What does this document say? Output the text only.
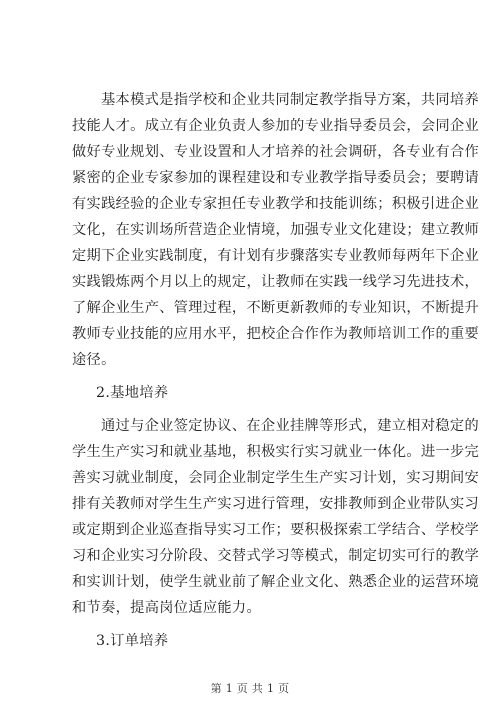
基本模式是指学校和企业共同制定教学指导方案，共同培养
技能人才。成立有企业负责人参加的专业指导委员会，会同企业
做好专业规划、专业设置和人才培养的社会调研，各专业有合作
紧密的企业专家参加的课程建设和专业教学指导委员会；要聘请
有实践经验的企业专家担任专业教学和技能训练；积极引进企业
文化，在实训场所营造企业情境，加强专业文化建设；建立教师
定期下企业实践制度，有计划有步骤落实专业教师每两年下企业
实践锻炼两个月以上的规定，让教师在实践一线学习先进技术，
了解企业生产、管理过程，不断更新教师的专业知识，不断提升
教师专业技能的应用水平，把校企合作作为教师培训工作的重要
途径。
2.基地培养
通过与企业签定协议、在企业挂牌等形式，建立相对稳定的
学生生产实习和就业基地，积极实行实习就业一体化。进一步完
善实习就业制度，会同企业制定学生生产实习计划，实习期间安
排有关教师对学生生产实习进行管理，安排教师到企业带队实习
或定期到企业巡查指导实习工作；要积极探索工学结合、学校学
习和企业实习分阶段、交替式学习等模式，制定切实可行的教学
和实训计划，使学生就业前了解企业文化、熟悉企业的运营环境
和节奏，提高岗位适应能力。
3.订单培养
第 1 页 共 1 页
